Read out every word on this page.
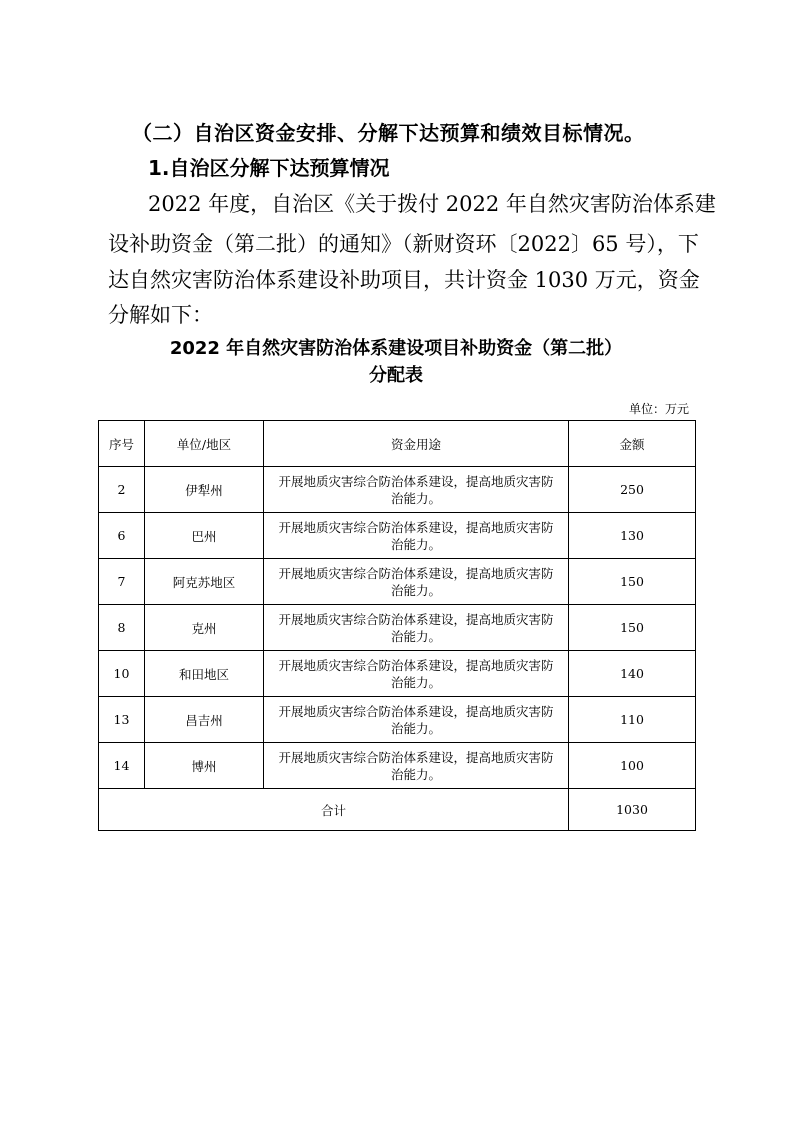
（二）自治区资金安排、分解下达预算和绩效目标情况。
1.自治区分解下达预算情况
2022 年度，自治区《关于拨付 2022 年自然灾害防治体系建
设补助资金（第二批）的通知》（新财资环〔2022〕65 号），下
达自然灾害防治体系建设补助项目，共计资金 1030 万元，资金
分解如下：
2022 年自然灾害防治体系建设项目补助资金（第二批）
分配表
单位：万元
序号	单位/地区	资金用途	金额
2	伊犁州	开展地质灾害综合防治体系建设，提高地质灾害防
治能力。	250
6	巴州	开展地质灾害综合防治体系建设，提高地质灾害防
治能力。	130
7	阿克苏地区	开展地质灾害综合防治体系建设，提高地质灾害防
治能力。	150
8	克州	开展地质灾害综合防治体系建设，提高地质灾害防
治能力。	150
10	和田地区	开展地质灾害综合防治体系建设，提高地质灾害防
治能力。	140
13	昌吉州	开展地质灾害综合防治体系建设，提高地质灾害防
治能力。	110
14	博州	开展地质灾害综合防治体系建设，提高地质灾害防
治能力。	100
合计			1030
